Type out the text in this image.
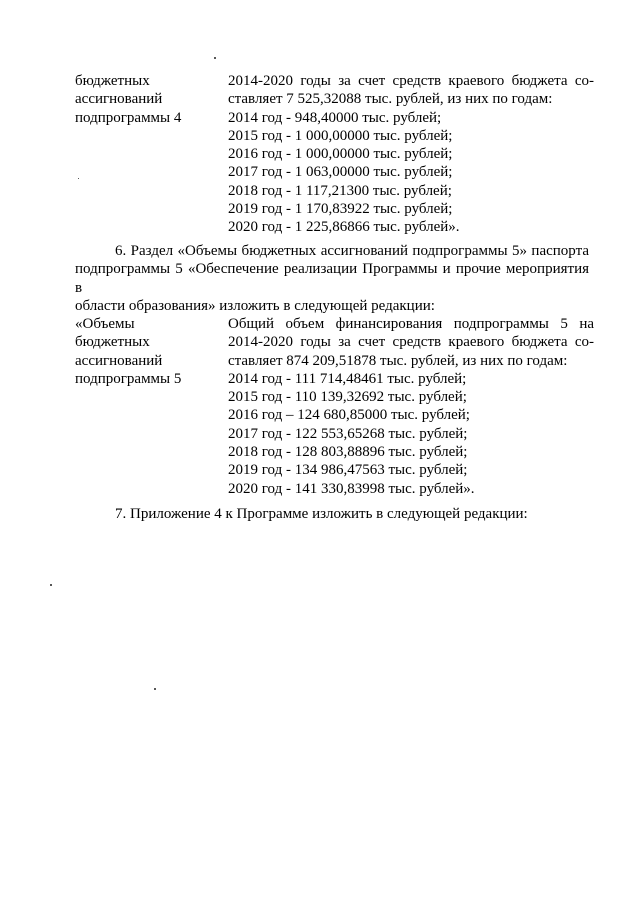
бюджетных
ассигнований
подпрограммы 4
2014-2020 годы за счет средств краевого бюджета со-
ставляет 7 525,32088 тыс. рублей, из них по годам:
2014 год - 948,40000 тыс. рублей;
2015 год - 1 000,00000 тыс. рублей;
2016 год - 1 000,00000 тыс. рублей;
2017 год - 1 063,00000 тыс. рублей;
2018 год - 1 117,21300 тыс. рублей;
2019 год - 1 170,83922 тыс. рублей;
2020 год - 1 225,86866 тыс. рублей».
6. Раздел «Объемы бюджетных ассигнований подпрограммы 5» паспорта
подпрограммы 5 «Обеспечение реализации Программы и прочие мероприятия в
области образования» изложить в следующей редакции:
«Объемы
бюджетных
ассигнований
подпрограммы 5
Общий объем финансирования подпрограммы 5 на
2014-2020 годы за счет средств краевого бюджета со-
ставляет 874 209,51878 тыс. рублей, из них по годам:
2014 год - 111 714,48461 тыс. рублей;
2015 год - 110 139,32692 тыс. рублей;
2016 год – 124 680,85000 тыс. рублей;
2017 год - 122 553,65268 тыс. рублей;
2018 год - 128 803,88896 тыс. рублей;
2019 год - 134 986,47563 тыс. рублей;
2020 год - 141 330,83998 тыс. рублей».
7. Приложение 4 к Программе изложить в следующей редакции:
